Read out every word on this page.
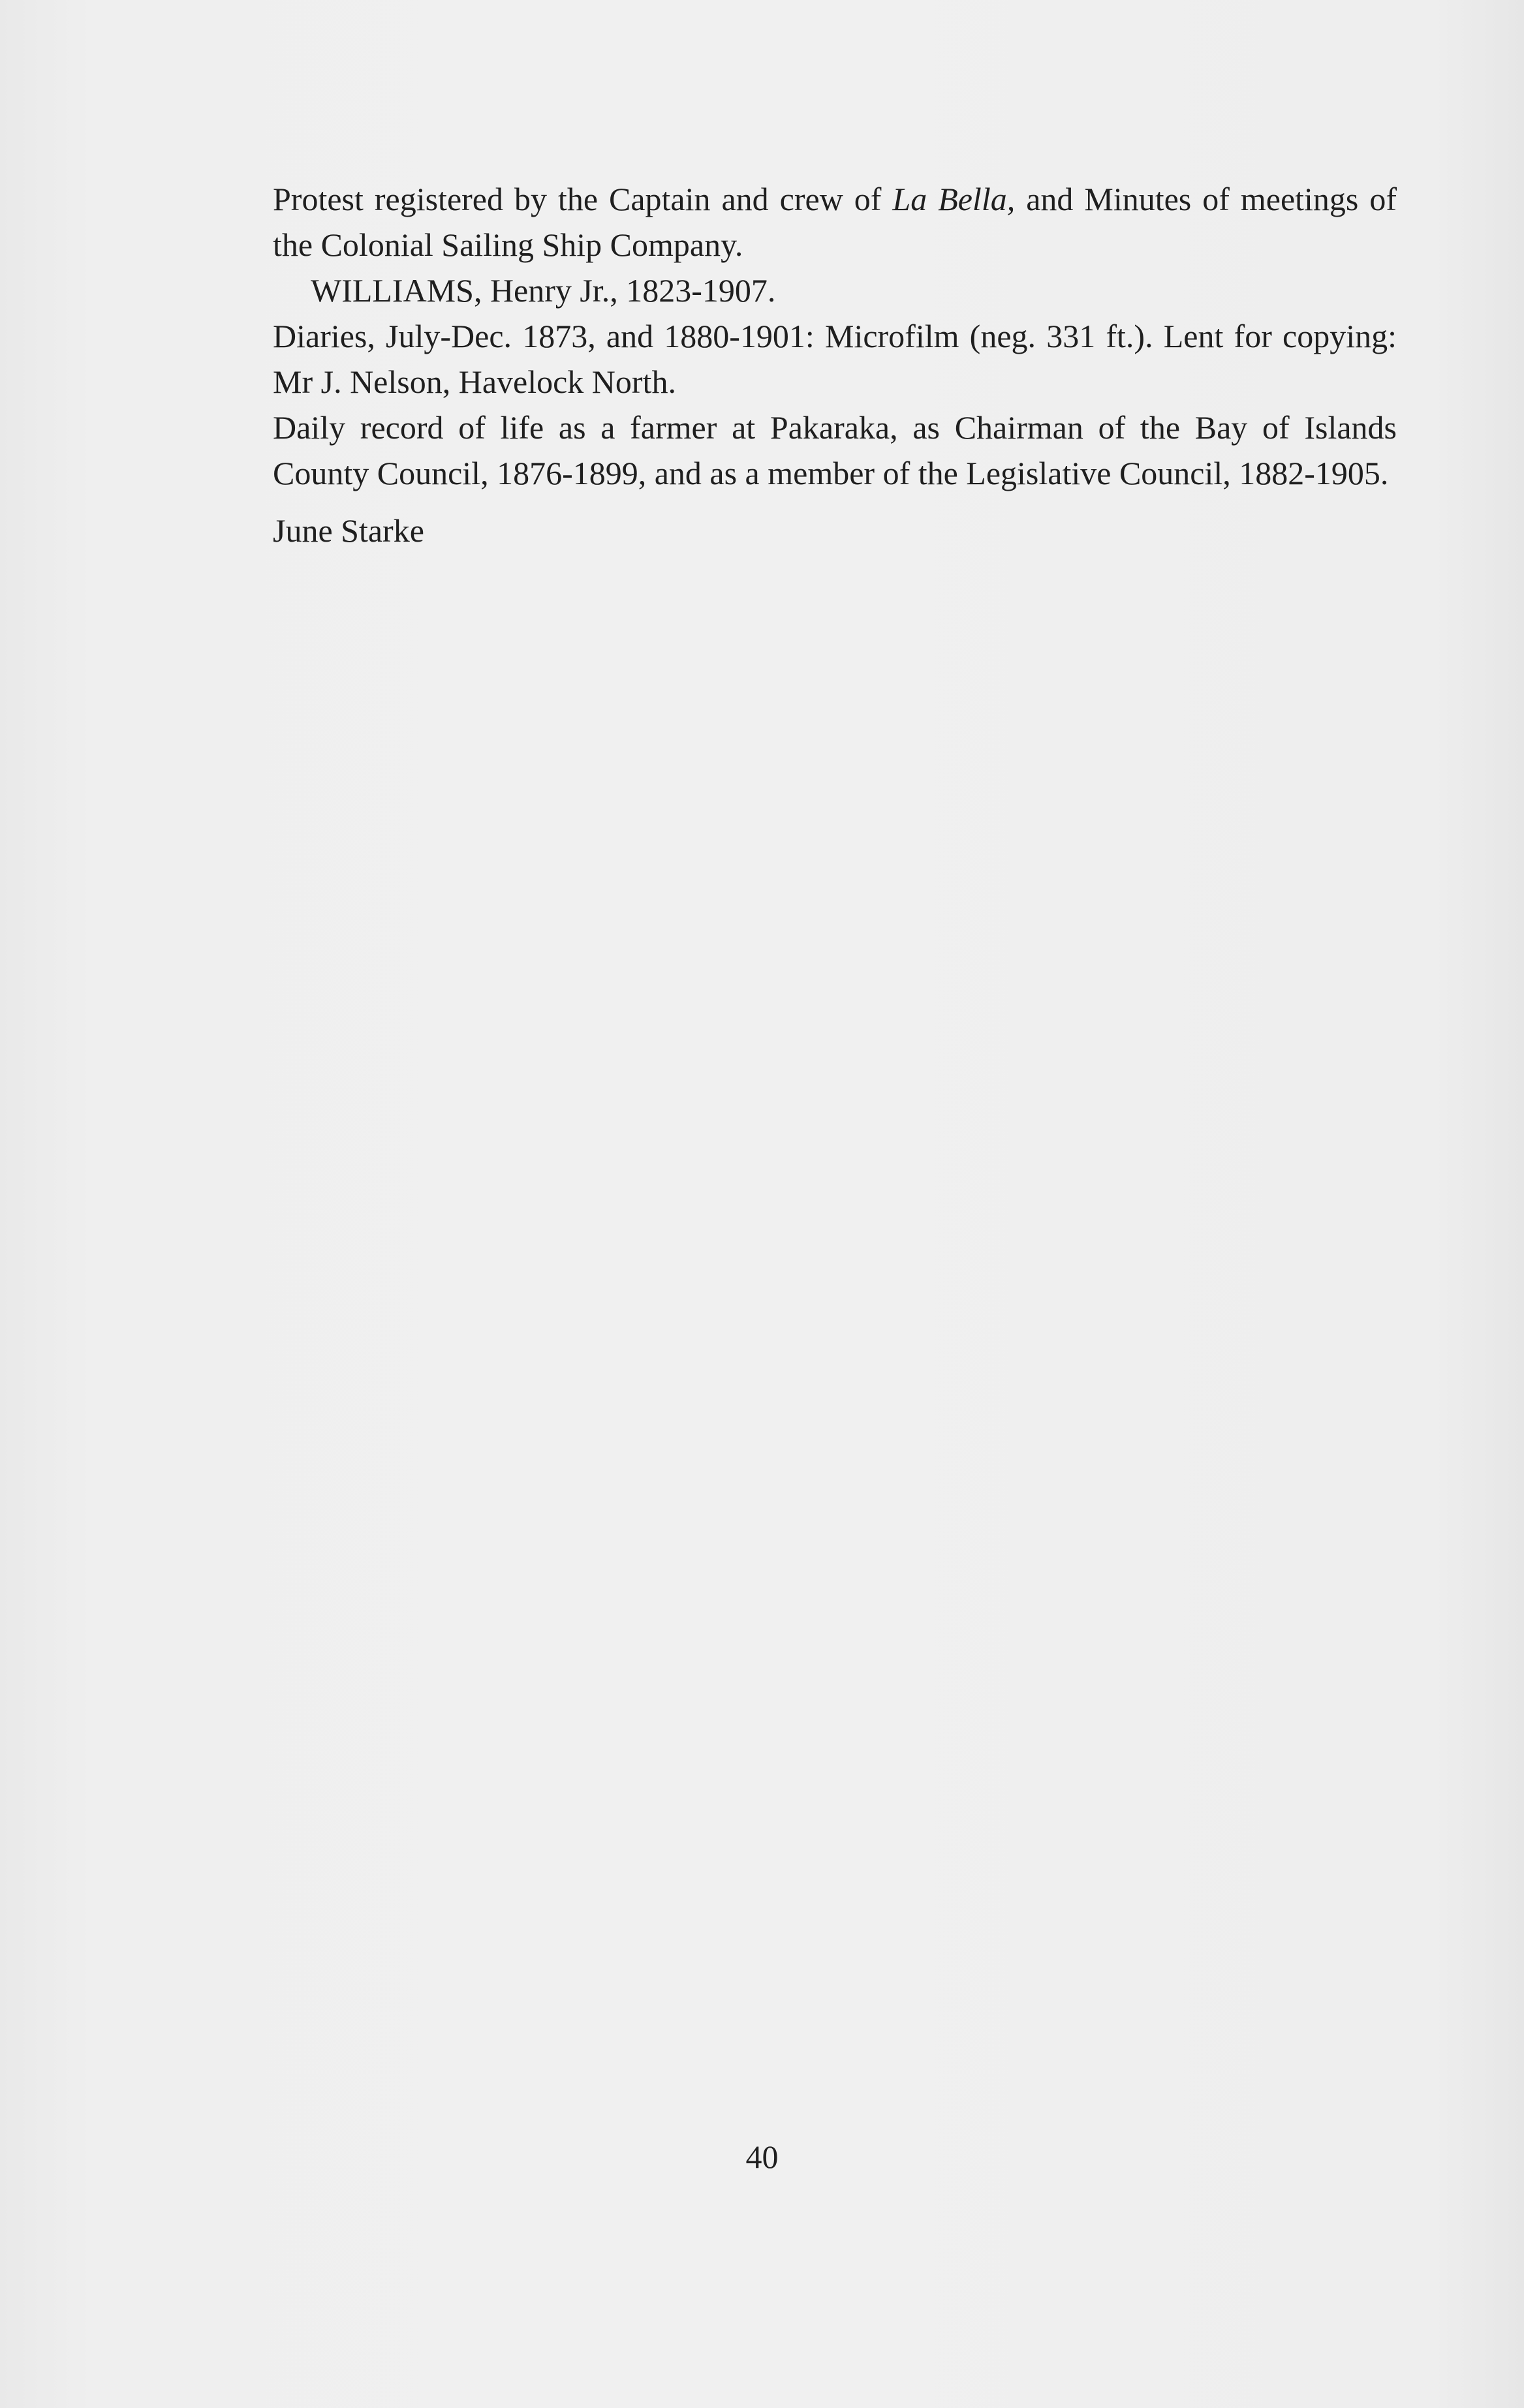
Protest registered by the Captain and crew of La Bella, and Minutes of meetings of the Colonial Sailing Ship Company.

WILLIAMS, Henry Jr., 1823-1907.

Diaries, July-Dec. 1873, and 1880-1901: Microfilm (neg. 331 ft.). Lent for copying: Mr J. Nelson, Havelock North.

Daily record of life as a farmer at Pakaraka, as Chairman of the Bay of Islands County Council, 1876-1899, and as a member of the Legislative Council, 1882-1905.

June Starke

40
